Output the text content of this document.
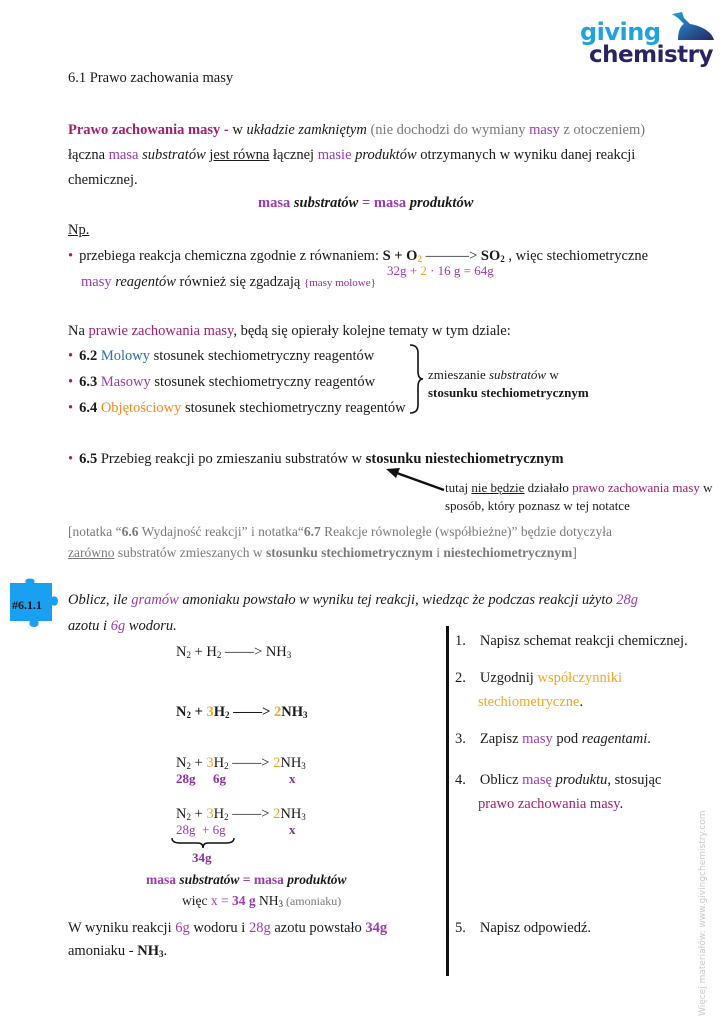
giving
chemistry
6.1 Prawo zachowania masy
Prawo zachowania masy - w układzie zamkniętym (nie dochodzi do wymiany masy z otoczeniem)
łączna masa substratów jest równa łącznej masie produktów otrzymanych w wyniku danej reakcji
chemicznej.
masa substratów = masa produktów
Np.
• przebiega reakcja chemiczna zgodnie z równaniem: $S + O_2$ ———> $SO_2$ , więc stechiometryczne
32g + 2 · 16 g = 64g
masy reagentów również się zgadzają {masy molowe}
Na prawie zachowania masy, będą się opierały kolejne tematy w tym dziale:
• 6.2 Molowy stosunek stechiometryczny reagentów
• 6.3 Masowy stosunek stechiometryczny reagentów
• 6.4 Objętościowy stosunek stechiometryczny reagentów
zmieszanie substratów w
stosunku stechiometrycznym
• 6.5 Przebieg reakcji po zmieszaniu substratów w stosunku niestechiometrycznym
tutaj nie będzie działało prawo zachowania masy w
sposób, który poznasz w tej notatce
[notatka “6.6 Wydajność reakcji” i notatka“6.7 Reakcje równoległe (współbieżne)” będzie dotyczyła
zarówno substratów zmieszanych w stosunku stechiometrycznym i niestechiometrycznym]
#6.1.1 Oblicz, ile gramów amoniaku powstało w wyniku tej reakcji, wiedząc że podczas reakcji użyto 28g
azotu i 6g wodoru.
$N_2 + H_2$ ——> $NH_3$
$N_2 + 3H_2$ ——> $2NH_3$
$N_2 + 3H_2$ ——> $2NH_3$
28g 6g	x
$N_2 + 3H_2$ ——> $2NH_3$
28g  + 6g	x
34g
masa substratów = masa produktów
więc x = 34 g $NH_3$ (amoniaku)
W wyniku reakcji 6g wodoru i 28g azotu powstało 34g
amoniaku - $NH_3$.
1. Napisz schemat reakcji chemicznej.
2. Uzgodnij współczynniki
stechiometryczne.
3. Zapisz masy pod reagentami.
4. Oblicz masę produktu, stosując
prawo zachowania masy.
5. Napisz odpowiedź.	Więcej materiałów: www.givingchemistry.com
